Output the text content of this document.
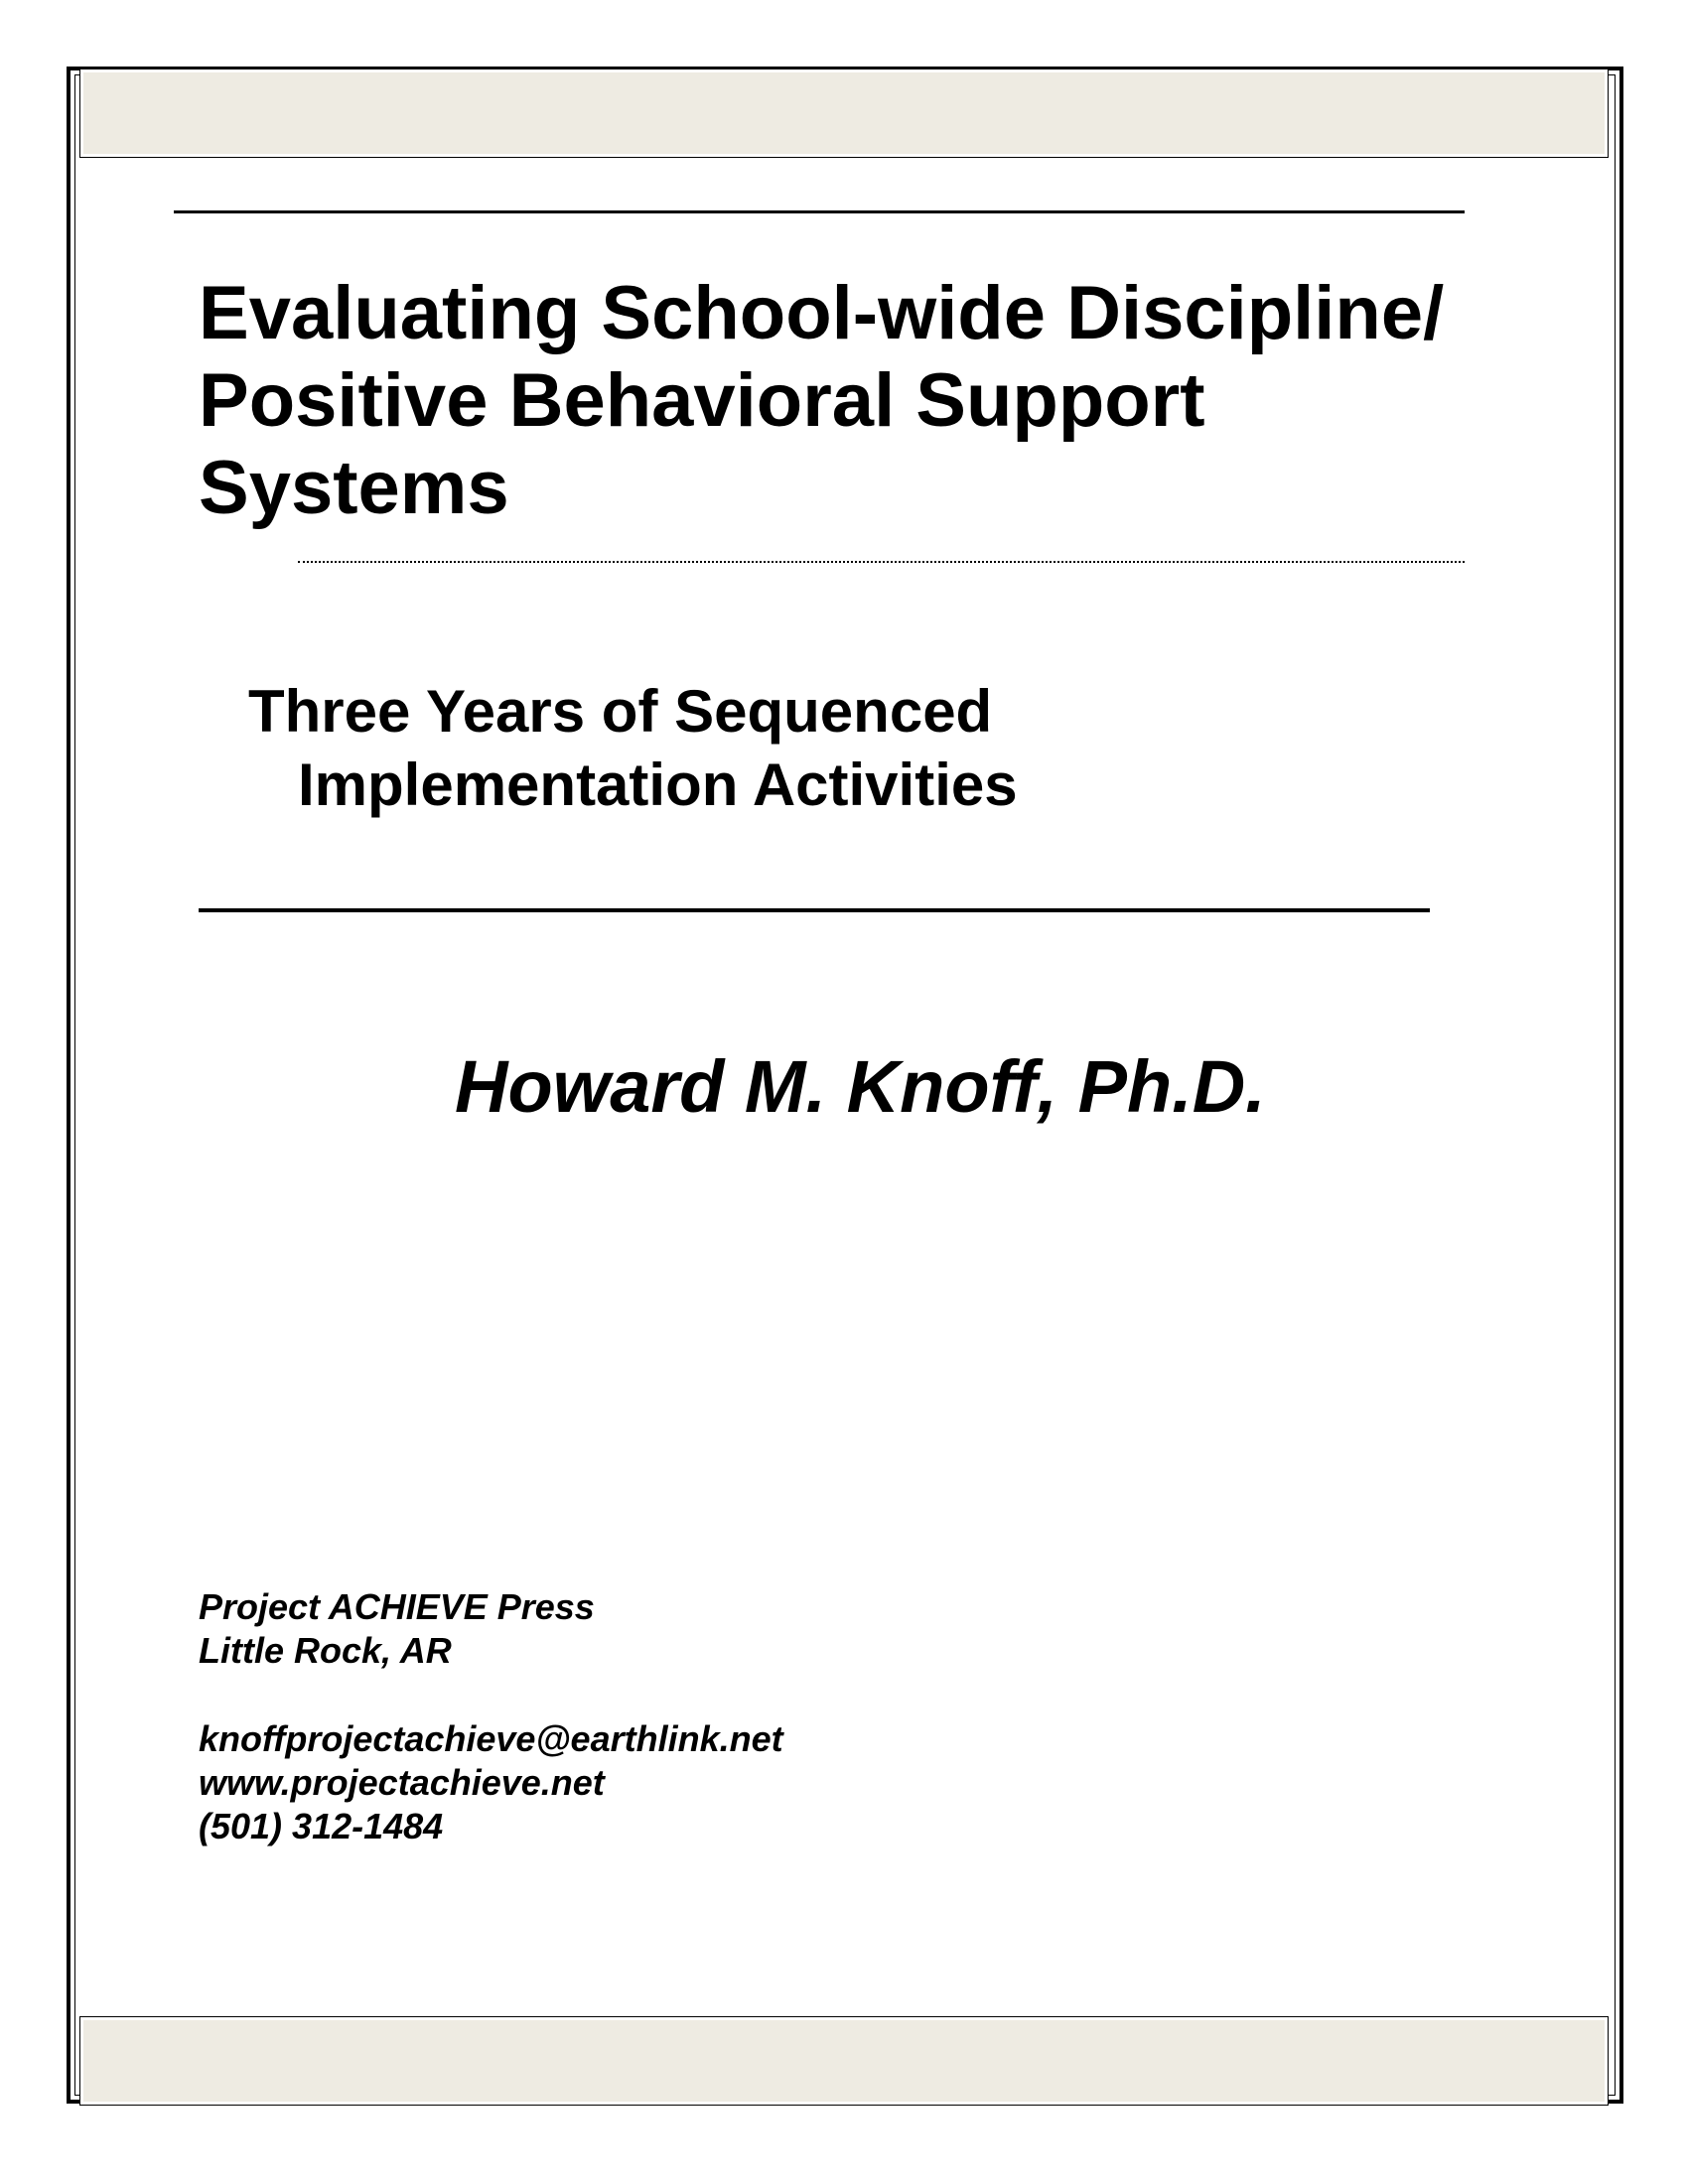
Evaluating School-wide Discipline/
Positive Behavioral Support
Systems
Three Years of Sequenced
Implementation Activities

Howard M. Knoff, Ph.D.

Project ACHIEVE Press
Little Rock, AR
knoffprojectachieve@earthlink.net
www.projectachieve.net
(501) 312-1484
